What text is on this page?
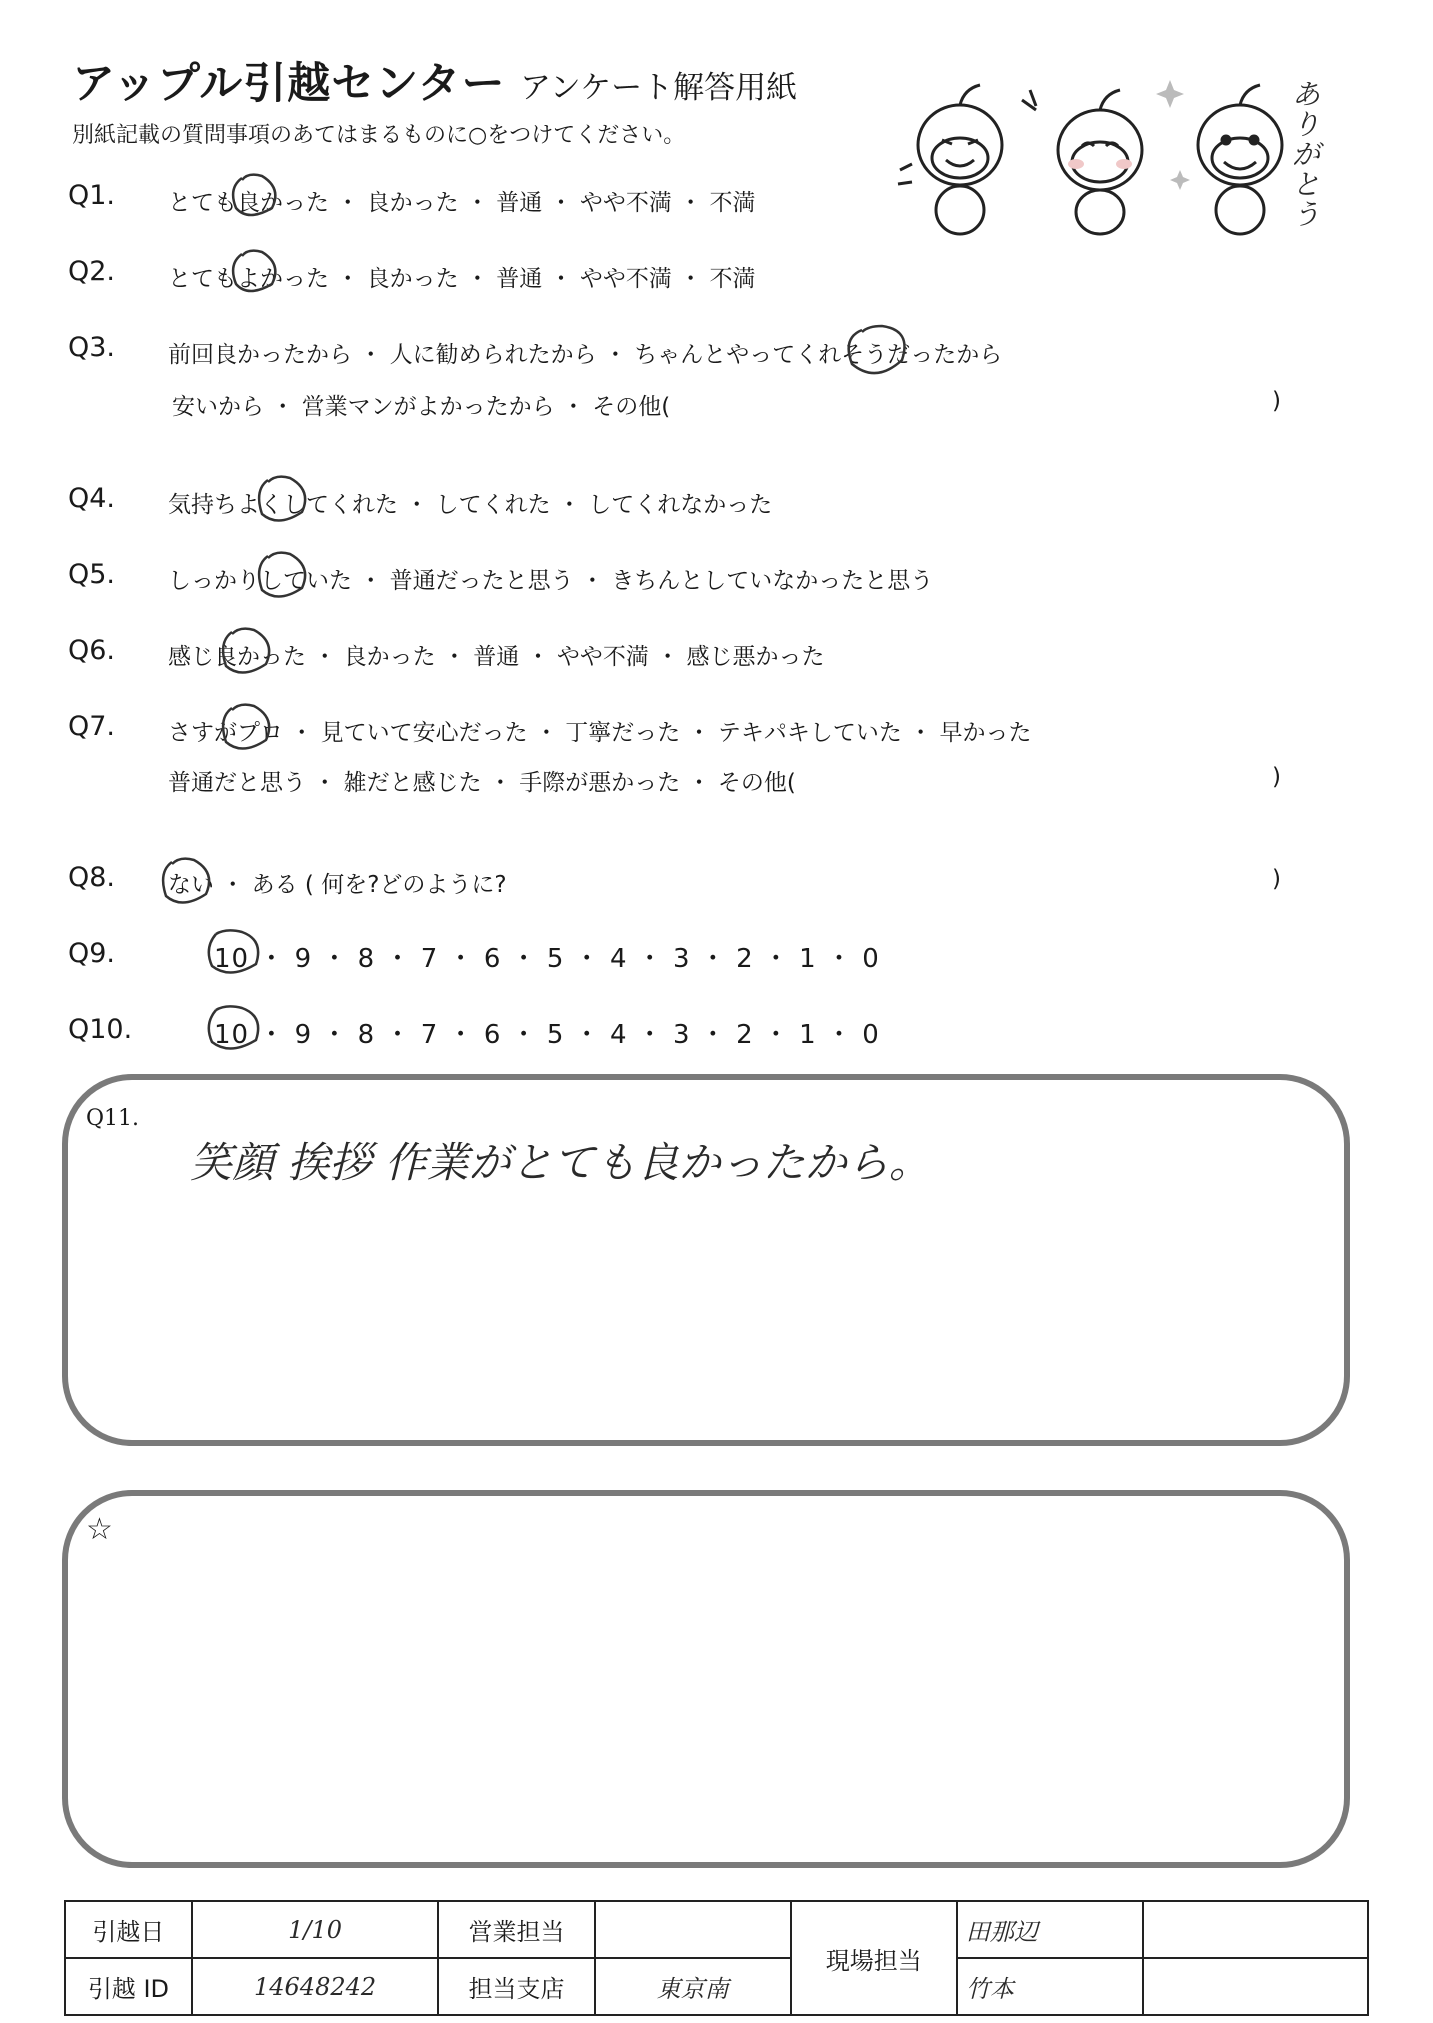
アップル引越センター アンケート解答用紙
別紙記載の質問事項のあてはまるものに○をつけてください。
ありがとう
Q1. とても良かった ・ 良かった ・ 普通 ・ やや不満 ・ 不満
Q2. とてもよかった ・ 良かった ・ 普通 ・ やや不満 ・ 不満
Q3. 前回良かったから ・ 人に勧められたから ・ ちゃんとやってくれそうだったから
安いから ・ 営業マンがよかったから ・ その他(	)
Q4. 気持ちよくしてくれた ・ してくれた ・ してくれなかった
Q5. しっかりしていた ・ 普通だったと思う ・ きちんとしていなかったと思う
Q6. 感じ良かった ・ 良かった ・ 普通 ・ やや不満 ・ 感じ悪かった
Q7. さすがプロ ・ 見ていて安心だった ・ 丁寧だった ・ テキパキしていた ・ 早かった
普通だと思う ・ 雑だと感じた ・ 手際が悪かった ・ その他(	)
Q8. ない ・ ある ( 何を?どのように?	)
Q9.	10 ・ 9 ・ 8 ・ 7 ・ 6 ・ 5 ・ 4 ・ 3 ・ 2 ・ 1 ・ 0
Q10.	10 ・ 9 ・ 8 ・ 7 ・ 6 ・ 5 ・ 4 ・ 3 ・ 2 ・ 1 ・ 0
Q11.
笑顔 挨拶 作業がとても良かったから。
☆
引越日	1/10	営業担当		現場担当	田那辺	
引越 ID	14648242	担当支店	東京南		竹本	
